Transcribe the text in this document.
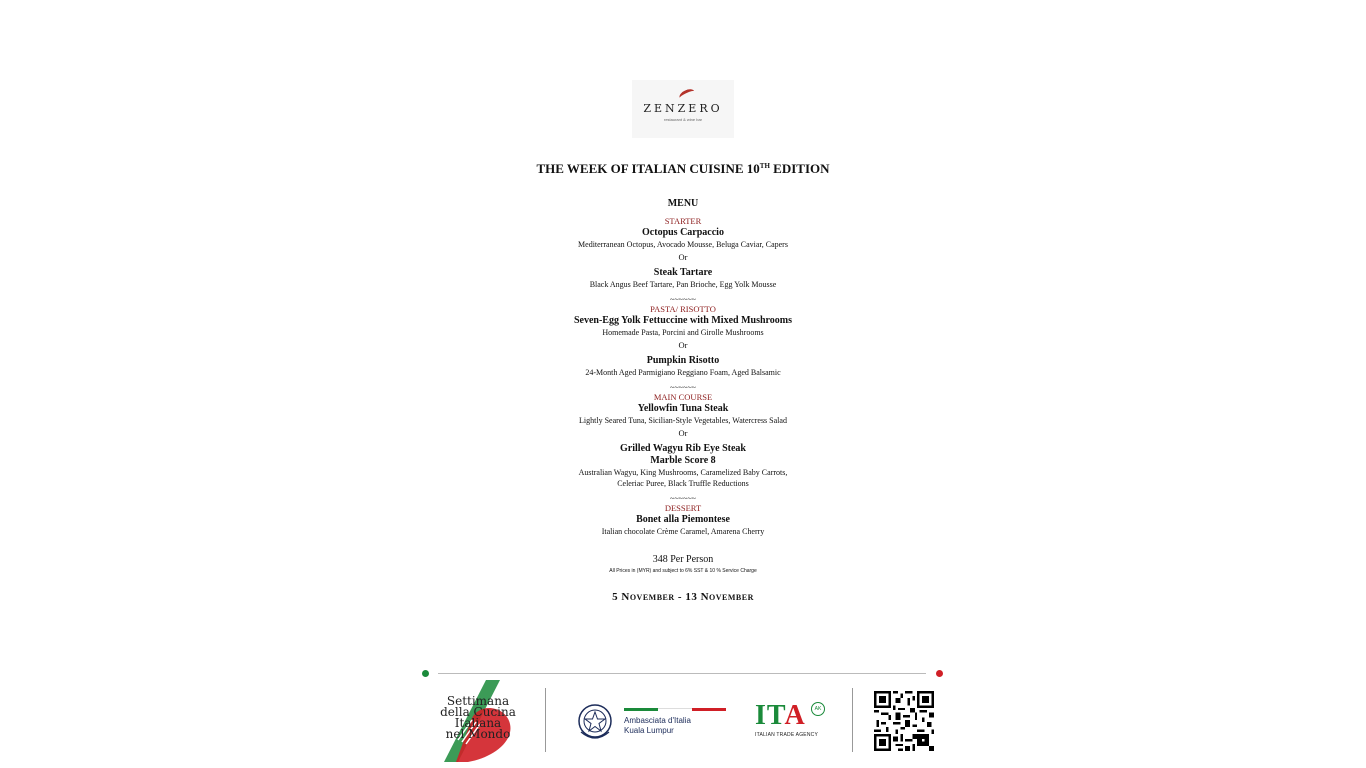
ZENZERO
restaurant & wine bar
THE WEEK OF ITALIAN CUISINE 10TH EDITION
MENU
STARTER
Octopus Carpaccio
Mediterranean Octopus, Avocado Mousse, Beluga Caviar, Capers
Or
Steak Tartare
Black Angus Beef Tartare, Pan Brioche, Egg Yolk Mousse
~~~~~~
PASTA/ RISOTTO
Seven-Egg Yolk Fettuccine with Mixed Mushrooms
Homemade Pasta, Porcini and Girolle Mushrooms
Or
Pumpkin Risotto
24-Month Aged Parmigiano Reggiano Foam, Aged Balsamic
~~~~~~
MAIN COURSE
Yellowfin Tuna Steak
Lightly Seared Tuna, Sicilian-Style Vegetables, Watercress Salad
Or
Grilled Wagyu Rib Eye Steak
Marble Score 8
Australian Wagyu, King Mushrooms, Caramelized Baby Carrots,
Celeriac Puree, Black Truffle Reductions
~~~~~~
DESSERT
Bonet alla Piemontese
Italian chocolate Crème Caramel, Amarena Cherry
348 Per Person
All Prices in (MYR) and subject to 6% SST & 10 % Service Charge
5 November - 13 November
Settimana
della Cucina
Italiana
nel Mondo
Ambasciata d'Italia
Kuala Lumpur	ITA	AK
ITALIAN TRADE AGENCY
